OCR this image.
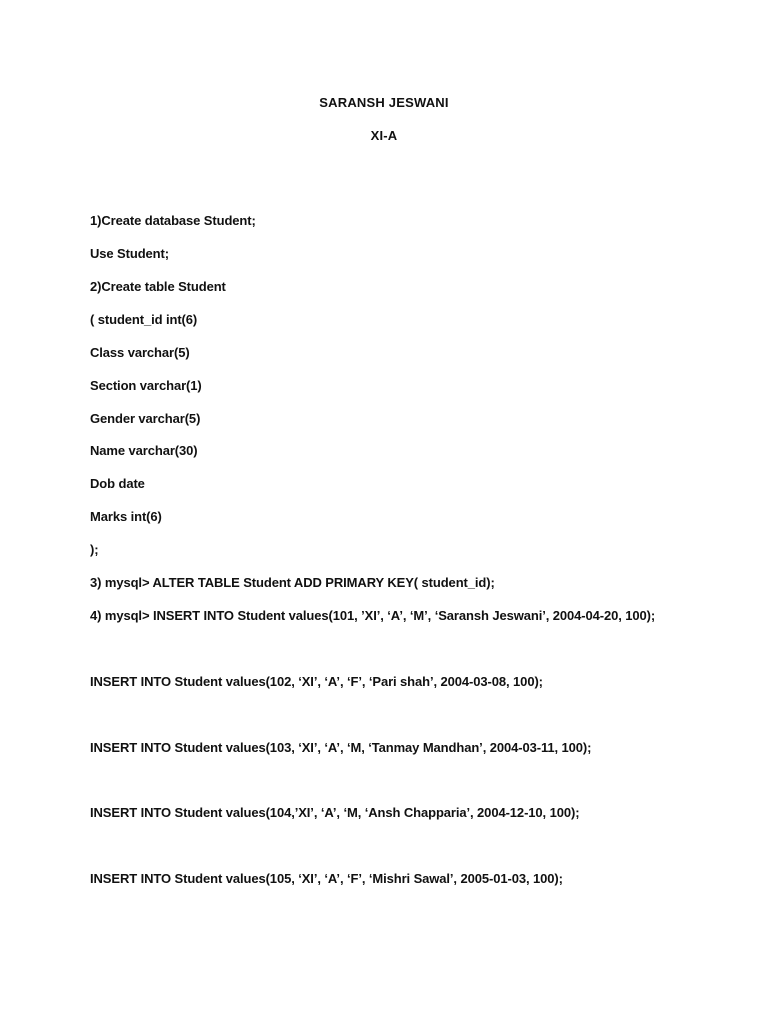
SARANSH JESWANI
XI-A
1)Create database Student;
Use Student;
2)Create table Student
( student_id int(6)
Class varchar(5)
Section varchar(1)
Gender varchar(5)
Name varchar(30)
Dob date
Marks int(6)
);
3) mysql> ALTER TABLE Student ADD PRIMARY KEY( student_id);
4) mysql> INSERT INTO Student values(101, ’XI’, ‘A’, ‘M’, ‘Saransh Jeswani’, 2004-04-20, 100);
INSERT INTO Student values(102, ‘XI’, ‘A’, ‘F’, ‘Pari shah’, 2004-03-08, 100);
INSERT INTO Student values(103, ‘XI’, ‘A’, ‘M, ‘Tanmay Mandhan’, 2004-03-11, 100);
INSERT INTO Student values(104,’XI’, ‘A’, ‘M, ‘Ansh Chapparia’, 2004-12-10, 100);
INSERT INTO Student values(105, ‘XI’, ‘A’, ‘F’, ‘Mishri Sawal’, 2005-01-03, 100);
